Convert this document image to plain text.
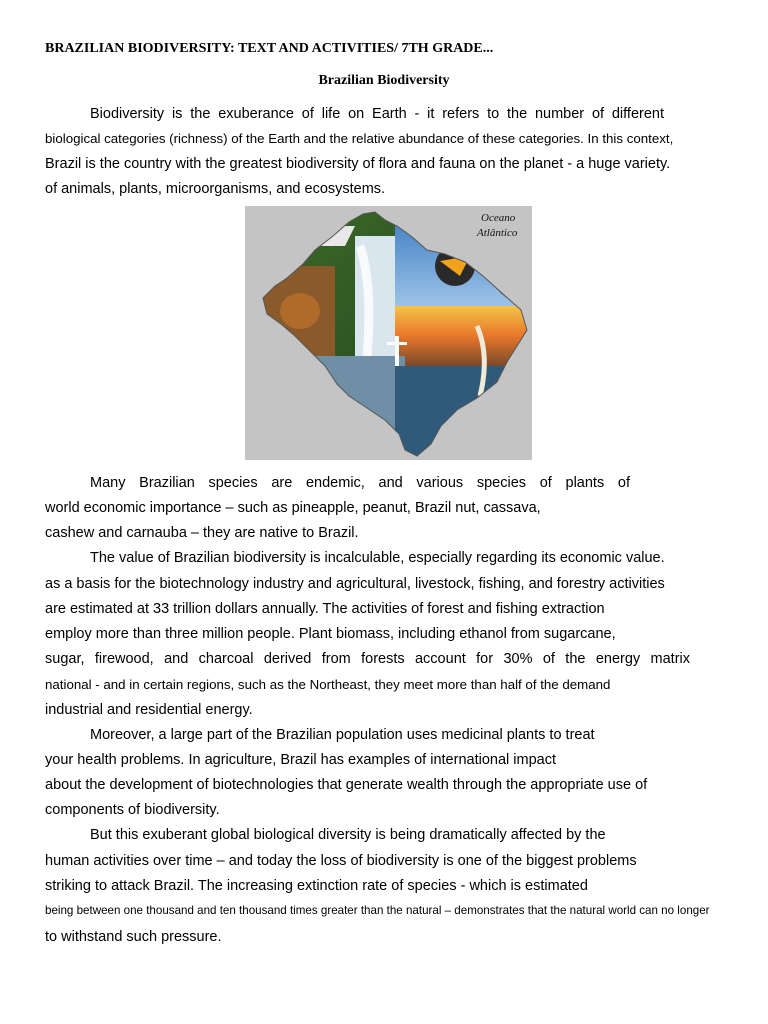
BRAZILIAN BIODIVERSITY: TEXT AND ACTIVITIES/ 7TH GRADE...
Brazilian Biodiversity
Biodiversity is the exuberance of life on Earth - it refers to the number of different
biological categories (richness) of the Earth and the relative abundance of these categories. In this context,
Brazil is the country with the greatest biodiversity of flora and fauna on the planet - a huge variety.
of animals, plants, microorganisms, and ecosystems.
Oceano
Atlântico
Many Brazilian species are endemic, and various species of plants of
world economic importance – such as pineapple, peanut, Brazil nut, cassava,
cashew and carnauba – they are native to Brazil.
The value of Brazilian biodiversity is incalculable, especially regarding its economic value.
as a basis for the biotechnology industry and agricultural, livestock, fishing, and forestry activities
are estimated at 33 trillion dollars annually. The activities of forest and fishing extraction
employ more than three million people. Plant biomass, including ethanol from sugarcane,
sugar, firewood, and charcoal derived from forests account for 30% of the energy matrix
national - and in certain regions, such as the Northeast, they meet more than half of the demand
industrial and residential energy.
Moreover, a large part of the Brazilian population uses medicinal plants to treat
your health problems. In agriculture, Brazil has examples of international impact
about the development of biotechnologies that generate wealth through the appropriate use of
components of biodiversity.
But this exuberant global biological diversity is being dramatically affected by the
human activities over time – and today the loss of biodiversity is one of the biggest problems
striking to attack Brazil. The increasing extinction rate of species - which is estimated
being between one thousand and ten thousand times greater than the natural – demonstrates that the natural world can no longer
to withstand such pressure.
